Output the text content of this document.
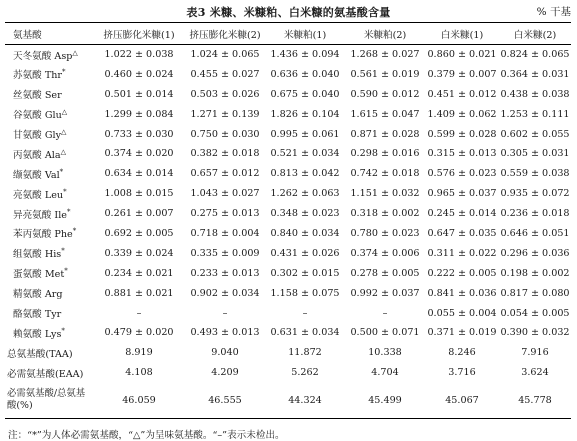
表3 米糠、米糠粕、白米糠的氨基酸含量	% 干基
氨基酸	挤压膨化米糠(1)	挤压膨化米糠(2)	米糠粕(1)	米糠粕(2)	白米糠(1)	白米糠(2)
天冬氨酸 Asp△	1.022 ± 0.038	1.024 ± 0.065	1.436 ± 0.094	1.268 ± 0.027	0.860 ± 0.021	0.824 ± 0.065
苏氨酸 Thr*	0.460 ± 0.024	0.455 ± 0.027	0.636 ± 0.040	0.561 ± 0.019	0.379 ± 0.007	0.364 ± 0.031
丝氨酸 Ser	0.501 ± 0.014	0.503 ± 0.026	0.675 ± 0.040	0.590 ± 0.012	0.451 ± 0.012	0.438 ± 0.038
谷氨酸 Glu△	1.299 ± 0.084	1.271 ± 0.139	1.826 ± 0.104	1.615 ± 0.047	1.409 ± 0.062	1.253 ± 0.111
甘氨酸 Gly△	0.733 ± 0.030	0.750 ± 0.030	0.995 ± 0.061	0.871 ± 0.028	0.599 ± 0.028	0.602 ± 0.055
丙氨酸 Ala△	0.374 ± 0.020	0.382 ± 0.018	0.521 ± 0.034	0.298 ± 0.016	0.315 ± 0.013	0.305 ± 0.031
缬氨酸 Val*	0.634 ± 0.014	0.657 ± 0.012	0.813 ± 0.042	0.742 ± 0.018	0.576 ± 0.023	0.559 ± 0.038
亮氨酸 Leu*	1.008 ± 0.015	1.043 ± 0.027	1.262 ± 0.063	1.151 ± 0.032	0.965 ± 0.037	0.935 ± 0.072
异亮氨酸 Ile*	0.261 ± 0.007	0.275 ± 0.013	0.348 ± 0.023	0.318 ± 0.002	0.245 ± 0.014	0.236 ± 0.018
苯丙氨酸 Phe*	0.692 ± 0.005	0.718 ± 0.004	0.840 ± 0.034	0.780 ± 0.023	0.647 ± 0.035	0.646 ± 0.051
组氨酸 His*	0.339 ± 0.024	0.335 ± 0.009	0.431 ± 0.026	0.374 ± 0.006	0.311 ± 0.022	0.296 ± 0.036
蛋氨酸 Met*	0.234 ± 0.021	0.233 ± 0.013	0.302 ± 0.015	0.278 ± 0.005	0.222 ± 0.005	0.198 ± 0.002
精氨酸 Arg	0.881 ± 0.021	0.902 ± 0.034	1.158 ± 0.075	0.992 ± 0.037	0.841 ± 0.036	0.817 ± 0.080
酪氨酸 Tyr	–	–	–	–	0.055 ± 0.004	0.054 ± 0.005
赖氨酸 Lys*	0.479 ± 0.020	0.493 ± 0.013	0.631 ± 0.034	0.500 ± 0.071	0.371 ± 0.019	0.390 ± 0.032
总氨基酸(TAA)	8.919	9.040	11.872	10.338	8.246	7.916
必需氨基酸(EAA)	4.108	4.209	5.262	4.704	3.716	3.624
必需氨基酸/总氨基酸(%)	46.059	46.555	44.324	45.499	45.067	45.778
注：“*”为人体必需氨基酸，“△”为呈味氨基酸。“–”表示未检出。
